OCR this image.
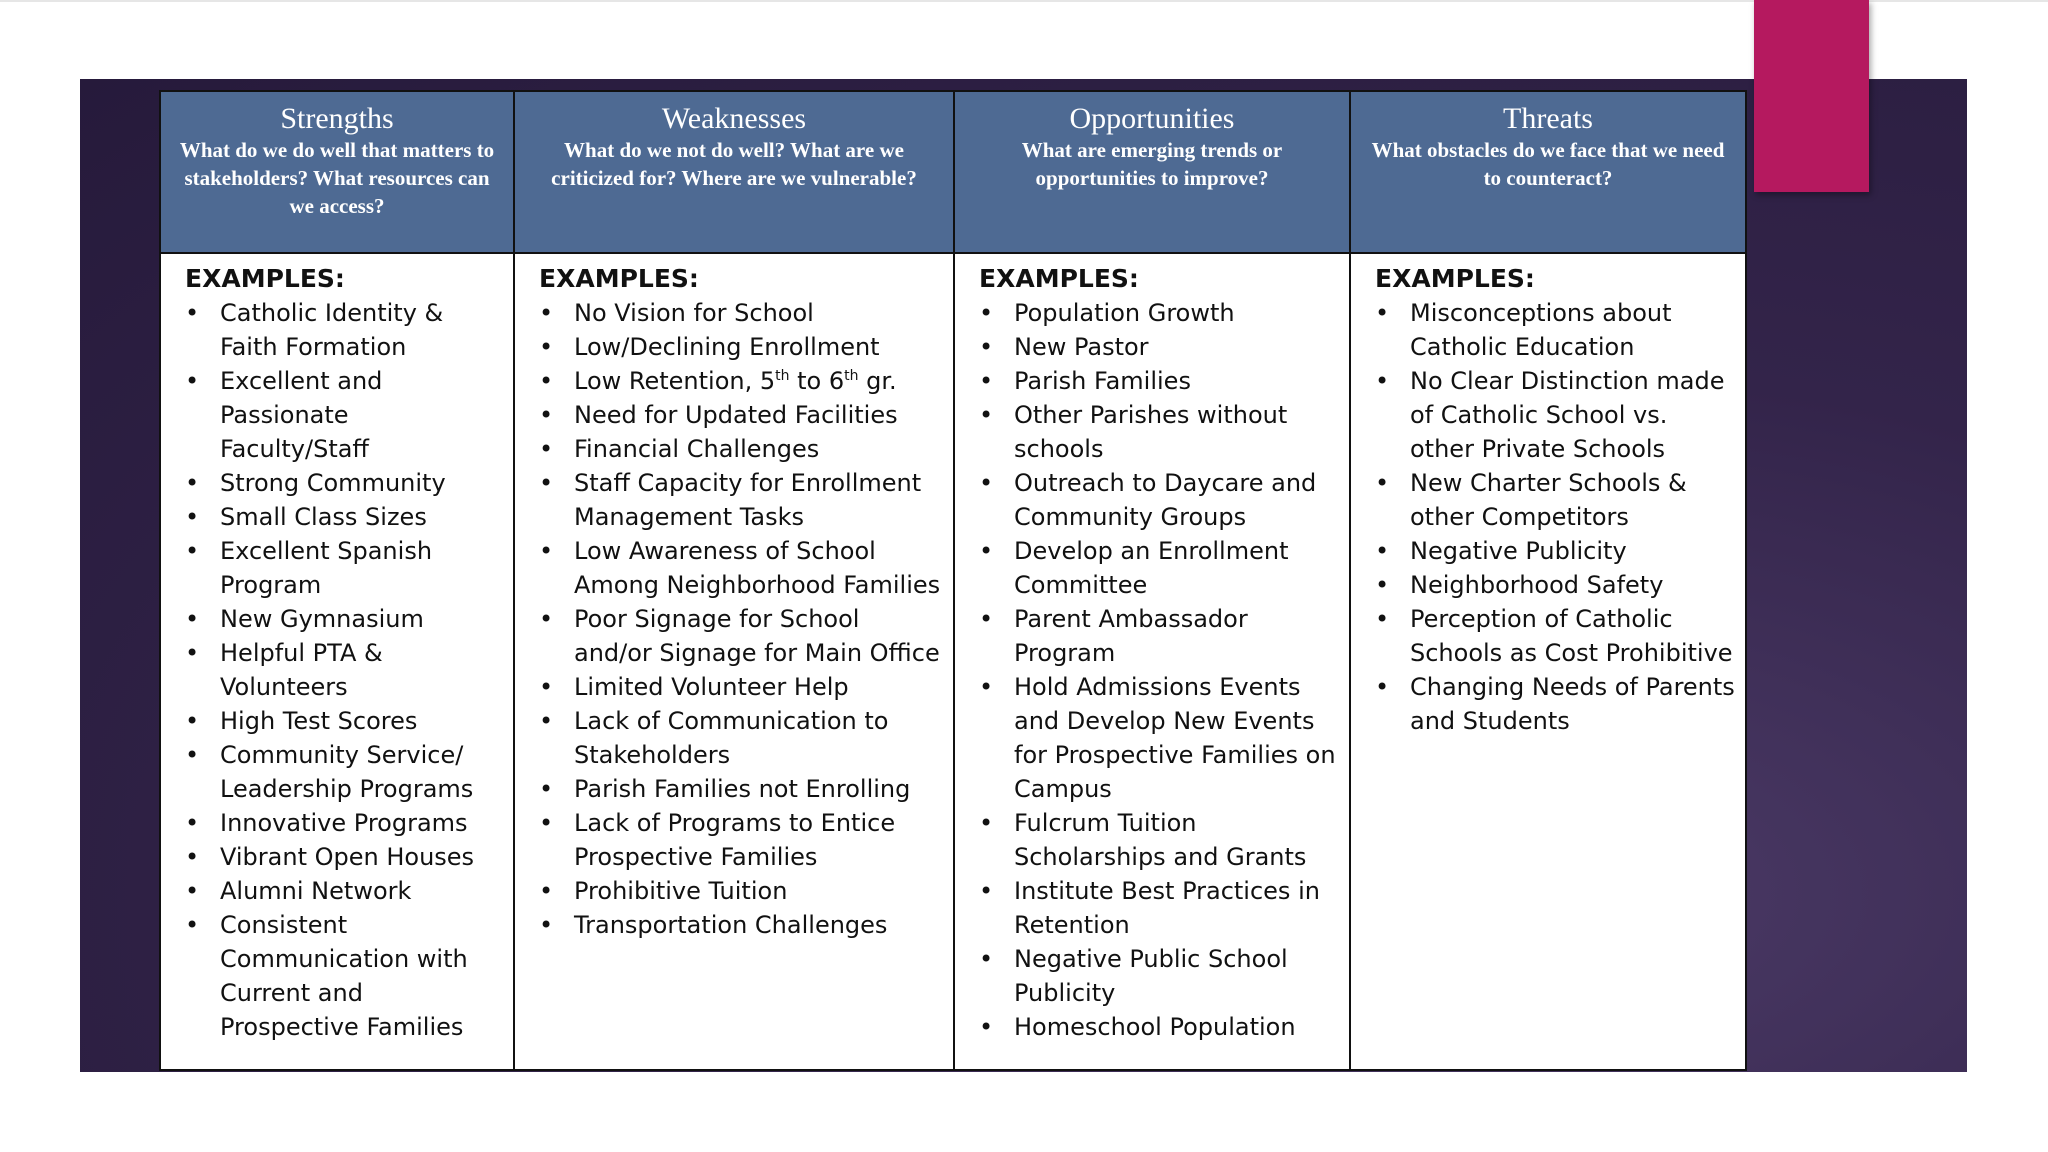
Strengths
What do we do well that matters to stakeholders? What resources can we access?
EXAMPLES:
• Catholic Identity & Faith Formation
• Excellent and Passionate Faculty/Staff
• Strong Community
• Small Class Sizes
• Excellent Spanish Program
• New Gymnasium
• Helpful PTA & Volunteers
• High Test Scores
• Community Service/ Leadership Programs
• Innovative Programs
• Vibrant Open Houses
• Alumni Network
• Consistent Communication with Current and Prospective Families
Weaknesses
What do we not do well? What are we criticized for? Where are we vulnerable?
EXAMPLES:
• No Vision for School
• Low/Declining Enrollment
• Low Retention, 5th to 6th gr.
• Need for Updated Facilities
• Financial Challenges
• Staff Capacity for Enrollment Management Tasks
• Low Awareness of School Among Neighborhood Families
• Poor Signage for School and/or Signage for Main Office
• Limited Volunteer Help
• Lack of Communication to Stakeholders
• Parish Families not Enrolling
• Lack of Programs to Entice Prospective Families
• Prohibitive Tuition
• Transportation Challenges
Opportunities
What are emerging trends or opportunities to improve?
EXAMPLES:
• Population Growth
• New Pastor
• Parish Families
• Other Parishes without schools
• Outreach to Daycare and Community Groups
• Develop an Enrollment Committee
• Parent Ambassador Program
• Hold Admissions Events and Develop New Events for Prospective Families on Campus
• Fulcrum Tuition Scholarships and Grants
• Institute Best Practices in Retention
• Negative Public School Publicity
• Homeschool Population
Threats
What obstacles do we face that we need to counteract?
EXAMPLES:
• Misconceptions about Catholic Education
• No Clear Distinction made of Catholic School vs. other Private Schools
• New Charter Schools & other Competitors
• Negative Publicity
• Neighborhood Safety
• Perception of Catholic Schools as Cost Prohibitive
• Changing Needs of Parents and Students
